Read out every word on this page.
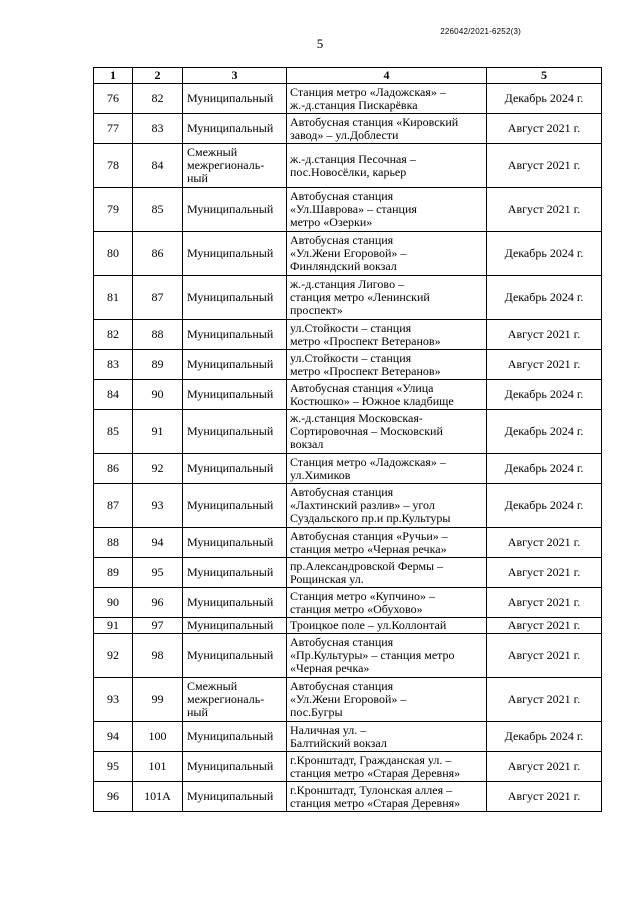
226042/2021-6252(3)
5
1	2	3	4	5
76	82	Муниципальный	Станция метро «Ладожская» –
ж.-д.станция Пискарёвка	Декабрь 2024 г.
77	83	Муниципальный	Автобусная станция «Кировский
завод» – ул.Доблести	Август 2021 г.
78	84	Смежный
межрегиональ-
ный	ж.-д.станция Песочная –
пос.Новосёлки, карьер	Август 2021 г.
79	85	Муниципальный	Автобусная станция
«Ул.Шаврова» – станция
метро «Озерки»	Август 2021 г.
80	86	Муниципальный	Автобусная станция
«Ул.Жени Егоровой» –
Финляндский вокзал	Декабрь 2024 г.
81	87	Муниципальный	ж.-д.станция Лиговo –
станция метро «Ленинский
проспект»	Декабрь 2024 г.
82	88	Муниципальный	ул.Стойкости – станция
метро «Проспект Ветеранов»	Август 2021 г.
83	89	Муниципальный	ул.Стойкости – станция
метро «Проспект Ветеранов»	Август 2021 г.
84	90	Муниципальный	Автобусная станция «Улица
Костюшко» – Южное кладбище	Декабрь 2024 г.
85	91	Муниципальный	ж.-д.станция Московская-
Сортировочная – Московский
вокзал	Декабрь 2024 г.
86	92	Муниципальный	Станция метро «Ладожская» –
ул.Химиков	Декабрь 2024 г.
87	93	Муниципальный	Автобусная станция
«Лахтинский разлив» – угол
Суздальского пр.и пр.Культуры	Декабрь 2024 г.
88	94	Муниципальный	Автобусная станция «Ручьи» –
станция метро «Черная речка»	Август 2021 г.
89	95	Муниципальный	пр.Александровской Фермы –
Рощинская ул.	Август 2021 г.
90	96	Муниципальный	Станция метро «Купчино» –
станция метро «Обухово»	Август 2021 г.
91	97	Муниципальный	Троицкое поле – ул.Коллонтай	Август 2021 г.
92	98	Муниципальный	Автобусная станция
«Пр.Культуры» – станция метро
«Черная речка»	Август 2021 г.
93	99	Смежный
межрегиональ-
ный	Автобусная станция
«Ул.Жени Егоровой» –
пос.Бугры	Август 2021 г.
94	100	Муниципальный	Наличная ул. –
Балтийский вокзал	Декабрь 2024 г.
95	101	Муниципальный	г.Кронштадт, Гражданская ул. –
станция метро «Старая Деревня»	Август 2021 г.
96	101А	Муниципальный	г.Кронштадт, Тулонская аллея –
станция метро «Старая Деревня»	Август 2021 г.
